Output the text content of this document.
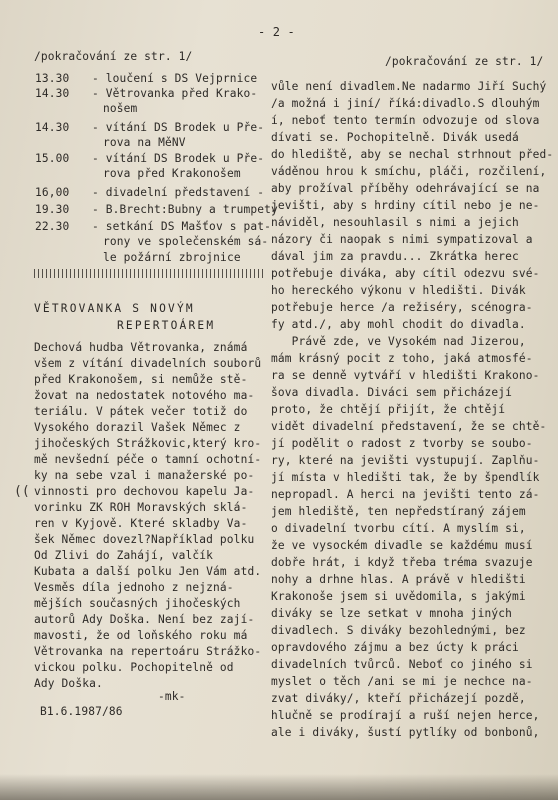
- 2 -
/pokračování ze str. 1/
13.30 - loučení s DS Vejprnice
14.30 - Větrovanka před Krako-
nošem
14.30 - vítání DS Brodek u Pře-
rova na MěNV
15.00 - vítání DS Brodek u Pře-
rova před Krakonošem
16,00 - divadelní představení -
19.30 - B.Brecht:Bubny a trumpety
22.30 - setkání DS Mašťov s pat-
rony ve společenském sá-
le požární zbrojnice
VĚTROVANKA S NOVÝM
REPERTOÁREM
Dechová hudba Větrovanka, známá
všem z vítání divadelních souborů
před Krakonošem, si nemůže stě-
žovat na nedostatek notového ma-
teriálu. V pátek večer totiž do
Vysokého dorazil Vašek Němec z
jihočeských Strážkovic,který kro-
mě nevšední péče o tamní ochotní-
ky na sebe vzal i manažerské po-
vinnosti pro dechovou kapelu Ja-
vorinku ZK ROH Moravských sklá-
ren v Kyjově. Které skladby Va-
šek Němec dovezl?Například polku
Od Zlivi do Zahájí, valčík
Kubata a další polku Jen Vám atd.
Vesměs díla jednoho z nejzná-
mějších současných jihočeských
autorů Ady Doška. Není bez zají-
mavosti, že od loňského roku má
Větrovanka na repertoáru Strážko-
vickou polku. Pochopitelně od
Ady Doška.
-mk-
B1.6.1987/86
((
/pokračování ze str. 1/
vůle není divadlem.Ne nadarmo Jiří Suchý
/a možná i jiní/ říká:divadlo.S dlouhým
í, neboť tento termín odvozuje od slova
dívati se. Pochopitelně. Divák usedá
do hlediště, aby se nechal strhnout před-
váděnou hrou k smíchu, pláči, rozčilení,
aby prožíval příběhy odehrávající se na
jevišti, aby s hrdiny cítil nebo je ne-
náviděl, nesouhlasil s nimi a jejich
názory či naopak s nimi sympatizoval a
dával jim za pravdu... Zkrátka herec
potřebuje diváka, aby cítil odezvu své-
ho hereckého výkonu v hledišti. Divák
potřebuje herce /a režiséry, scénogra-
fy atd./, aby mohl chodit do divadla.
Právě zde, ve Vysokém nad Jizerou,
mám krásný pocit z toho, jaká atmosfé-
ra se denně vytváří v hledišti Krakono-
šova divadla. Diváci sem přicházejí
proto, že chtějí přijít, že chtějí
vidět divadelní představení, že se chtě-
jí podělit o radost z tvorby se soubo-
ry, které na jevišti vystupují. Zaplňu-
jí místa v hledišti tak, že by špendlík
nepropadl. A herci na jevišti tento zá-
jem hlediště, ten nepředstíraný zájem
o divadelní tvorbu cítí. A myslím si,
že ve vysockém divadle se každému musí
dobře hrát, i když třeba tréma svazuje
nohy a drhne hlas. A právě v hledišti
Krakonoše jsem si uvědomila, s jakými
diváky se lze setkat v mnoha jiných
divadlech. S diváky bezohlednými, bez
opravdového zájmu a bez úcty k práci
divadelních tvůrců. Neboť co jiného si
myslet o těch /ani se mi je nechce na-
zvat diváky/, kteří přicházejí pozdě,
hlučně se prodírají a ruší nejen herce,
ale i diváky, šustí pytlíky od bonbonů,
